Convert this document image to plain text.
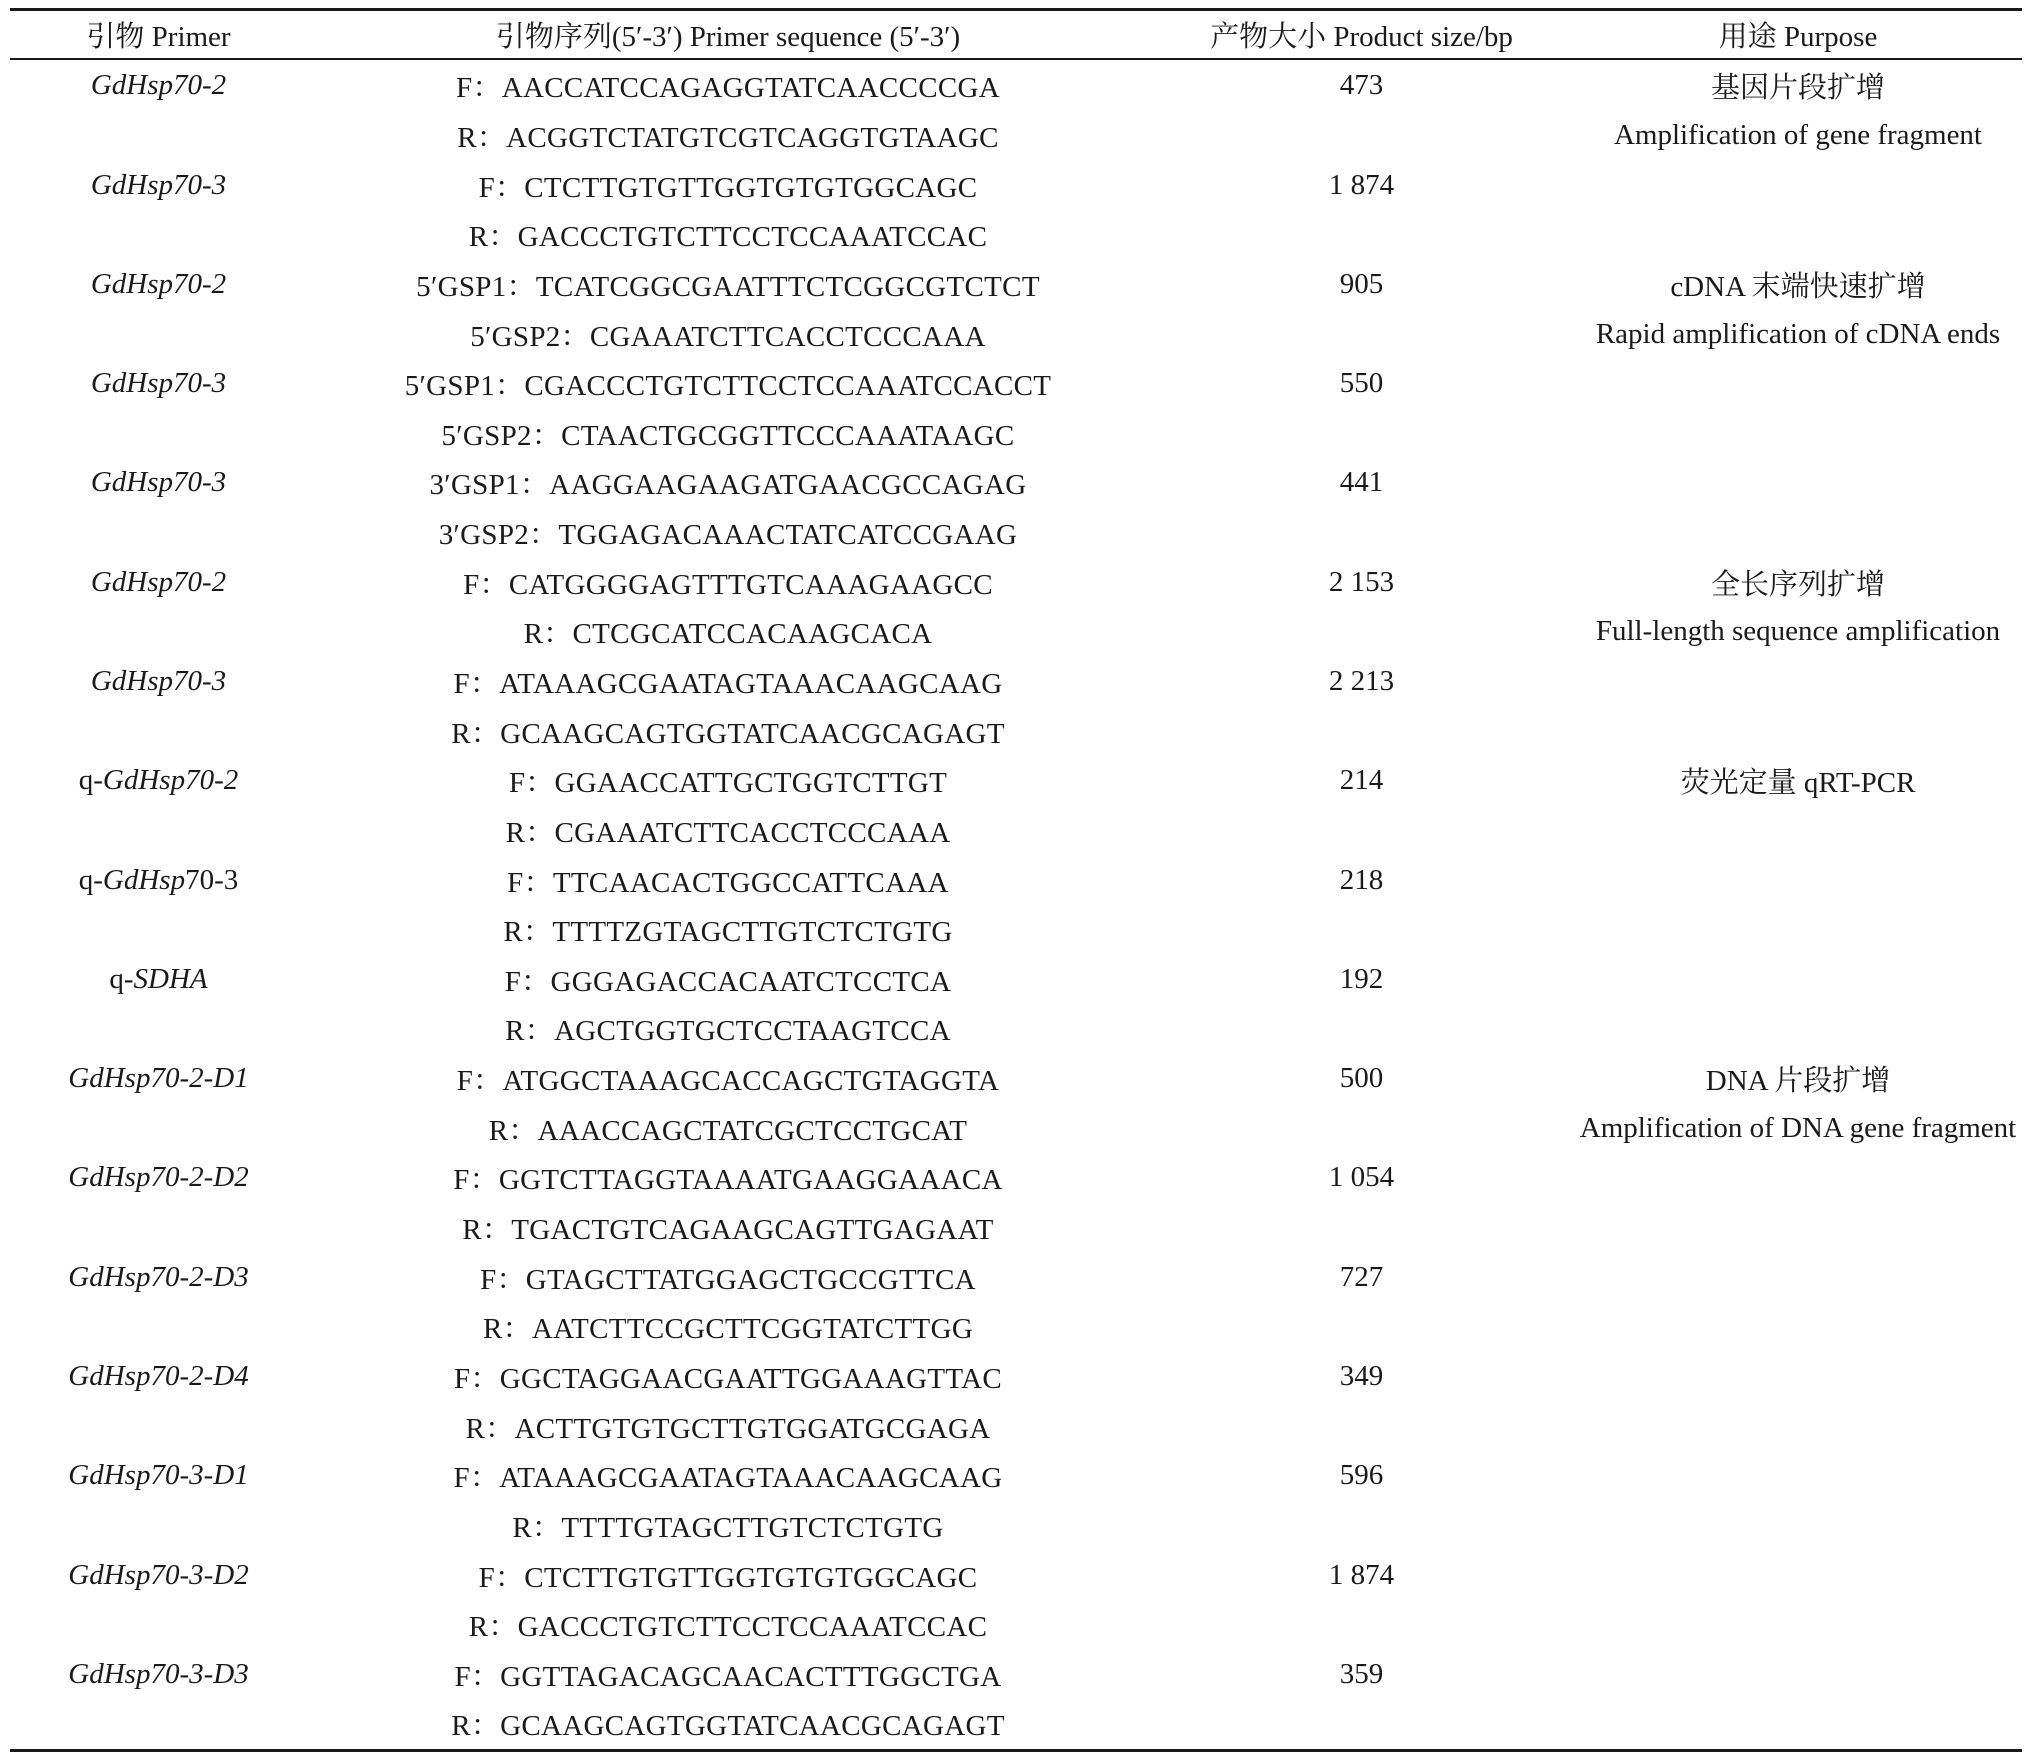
引物 Primer	引物序列(5′-3′) Primer sequence (5′-3′)	产物大小 Product size/bp	用途 Purpose
GdHsp70-2	F：AACCATCCAGAGGTATCAACCCCGA	473	基因片段扩增
	R：ACGGTCTATGTCGTCAGGTGTAAGC		Amplification of gene fragment
GdHsp70-3	F：CTCTTGTGTTGGTGTGTGGCAGC	1 874	
	R：GACCCTGTCTTCCTCCAAATCCAC		
GdHsp70-2	5′GSP1：TCATCGGCGAATTTCTCGGCGTCTCT	905	cDNA 末端快速扩增
	5′GSP2：CGAAATCTTCACCTCCCAAA		Rapid amplification of cDNA ends
GdHsp70-3	5′GSP1：CGACCCTGTCTTCCTCCAAATCCACCT	550	
	5′GSP2：CTAACTGCGGTTCCCAAATAAGC		
GdHsp70-3	3′GSP1：AAGGAAGAAGATGAACGCCAGAG	441	
	3′GSP2：TGGAGACAAACTATCATCCGAAG		
GdHsp70-2	F：CATGGGGAGTTTGTCAAAGAAGCC	2 153	全长序列扩增
	R：CTCGCATCCACAAGCACA		Full-length sequence amplification
GdHsp70-3	F：ATAAAGCGAATAGTAAACAAGCAAG	2 213	
	R：GCAAGCAGTGGTATCAACGCAGAGT		
q-GdHsp70-2	F：GGAACCATTGCTGGTCTTGT	214	荧光定量 qRT-PCR
	R：CGAAATCTTCACCTCCCAAA		
q-GdHsp70-3	F：TTCAACACTGGCCATTCAAA	218	
	R：TTTTZGTAGCTTGTCTCTGTG		
q-SDHA	F：GGGAGACCACAATCTCCTCA	192	
	R：AGCTGGTGCTCCTAAGTCCA		
GdHsp70-2-D1	F：ATGGCTAAAGCACCAGCTGTAGGTA	500	DNA 片段扩增
	R：AAACCAGCTATCGCTCCTGCAT		Amplification of DNA gene fragment
GdHsp70-2-D2	F：GGTCTTAGGTAAAATGAAGGAAACA	1 054	
	R：TGACTGTCAGAAGCAGTTGAGAAT		
GdHsp70-2-D3	F：GTAGCTTATGGAGCTGCCGTTCA	727	
	R：AATCTTCCGCTTCGGTATCTTGG		
GdHsp70-2-D4	F：GGCTAGGAACGAATTGGAAAGTTAC	349	
	R：ACTTGTGTGCTTGTGGATGCGAGA		
GdHsp70-3-D1	F：ATAAAGCGAATAGTAAACAAGCAAG	596	
	R：TTTTGTAGCTTGTCTCTGTG		
GdHsp70-3-D2	F：CTCTTGTGTTGGTGTGTGGCAGC	1 874	
	R：GACCCTGTCTTCCTCCAAATCCAC		
GdHsp70-3-D3	F：GGTTAGACAGCAACACTTTGGCTGA	359	
	R：GCAAGCAGTGGTATCAACGCAGAGT		
